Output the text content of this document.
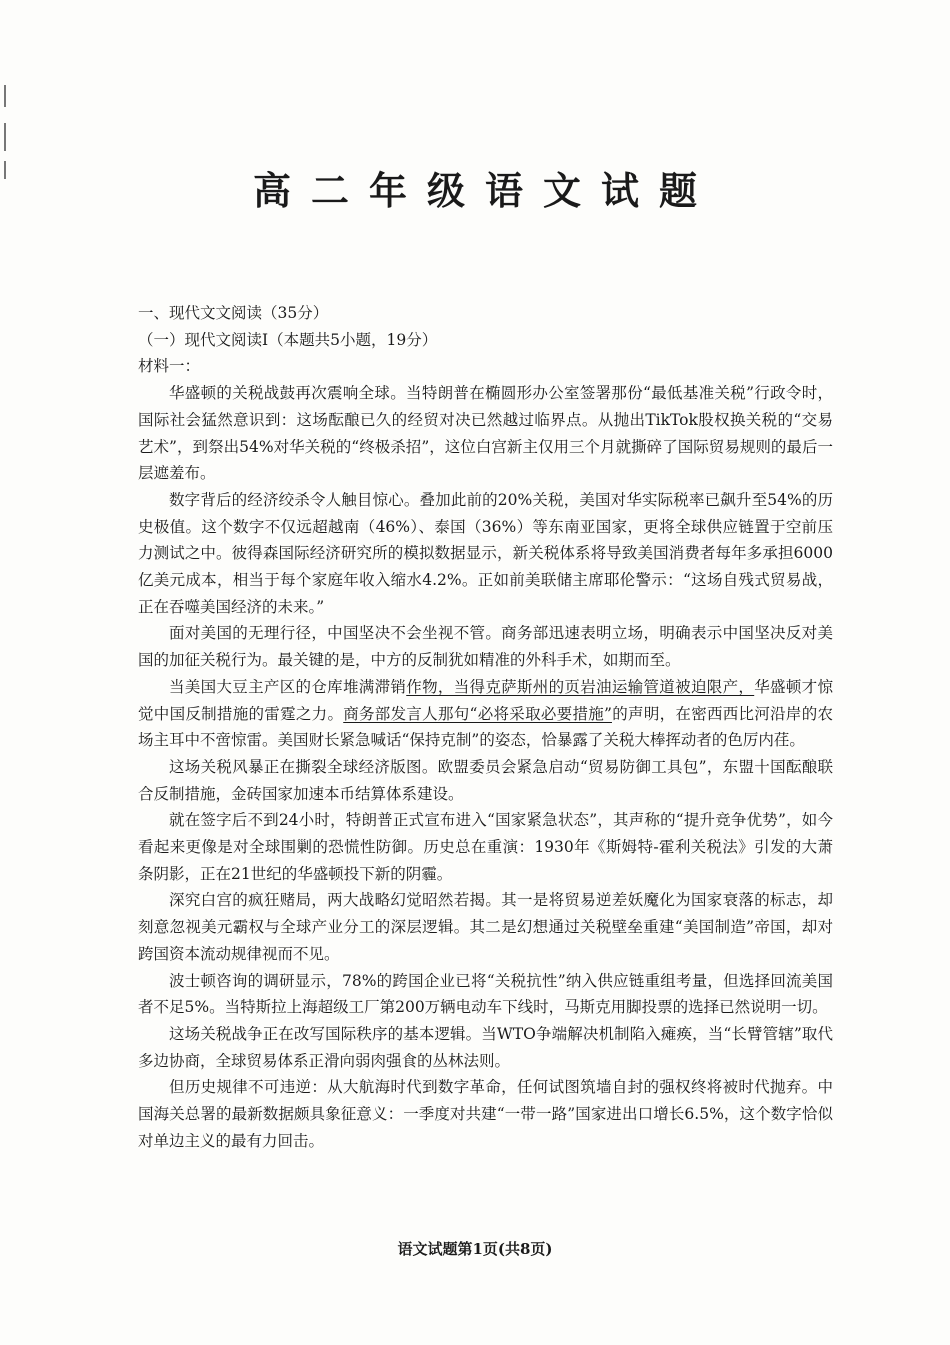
高二年级语文试题

一、现代文文阅读（35分）

（一）现代文阅读Ⅰ（本题共5小题，19分）

材料一：

华盛顿的关税战鼓再次震响全球。当特朗普在椭圆形办公室签署那份“最低基准关税”行政令时，国际社会猛然意识到：这场酝酿已久的经贸对决已然越过临界点。从抛出TikTok股权换关税的“交易艺术”，到祭出54%对华关税的“终极杀招”，这位白宫新主仅用三个月就撕碎了国际贸易规则的最后一层遮羞布。

数字背后的经济绞杀令人触目惊心。叠加此前的20%关税，美国对华实际税率已飙升至54%的历史极值。这个数字不仅远超越南（46%）、泰国（36%）等东南亚国家，更将全球供应链置于空前压力测试之中。彼得森国际经济研究所的模拟数据显示，新关税体系将导致美国消费者每年多承担6000亿美元成本，相当于每个家庭年收入缩水4.2%。正如前美联储主席耶伦警示：“这场自残式贸易战，正在吞噬美国经济的未来。”

面对美国的无理行径，中国坚决不会坐视不管。商务部迅速表明立场，明确表示中国坚决反对美国的加征关税行为。最关键的是，中方的反制犹如精准的外科手术，如期而至。

当美国大豆主产区的仓库堆满滞销作物，当得克萨斯州的页岩油运输管道被迫限产，华盛顿才惊觉中国反制措施的雷霆之力。商务部发言人那句“必将采取必要措施”的声明，在密西西比河沿岸的农场主耳中不啻惊雷。美国财长紧急喊话“保持克制”的姿态，恰暴露了关税大棒挥动者的色厉内荏。

这场关税风暴正在撕裂全球经济版图。欧盟委员会紧急启动“贸易防御工具包”，东盟十国酝酿联合反制措施，金砖国家加速本币结算体系建设。

就在签字后不到24小时，特朗普正式宣布进入“国家紧急状态”，其声称的“提升竞争优势”，如今看起来更像是对全球围剿的恐慌性防御。历史总在重演：1930年《斯姆特-霍利关税法》引发的大萧条阴影，正在21世纪的华盛顿投下新的阴霾。

深究白宫的疯狂赌局，两大战略幻觉昭然若揭。其一是将贸易逆差妖魔化为国家衰落的标志，却刻意忽视美元霸权与全球产业分工的深层逻辑。其二是幻想通过关税壁垒重建“美国制造”帝国，却对跨国资本流动规律视而不见。

波士顿咨询的调研显示，78%的跨国企业已将“关税抗性”纳入供应链重组考量，但选择回流美国者不足5%。当特斯拉上海超级工厂第200万辆电动车下线时，马斯克用脚投票的选择已然说明一切。

这场关税战争正在改写国际秩序的基本逻辑。当WTO争端解决机制陷入瘫痪，当“长臂管辖”取代多边协商，全球贸易体系正滑向弱肉强食的丛林法则。

但历史规律不可违逆：从大航海时代到数字革命，任何试图筑墙自封的强权终将被时代抛弃。中国海关总署的最新数据颇具象征意义：一季度对共建“一带一路”国家进出口增长6.5%，这个数字恰似对单边主义的最有力回击。

语文试题第1页(共8页)
